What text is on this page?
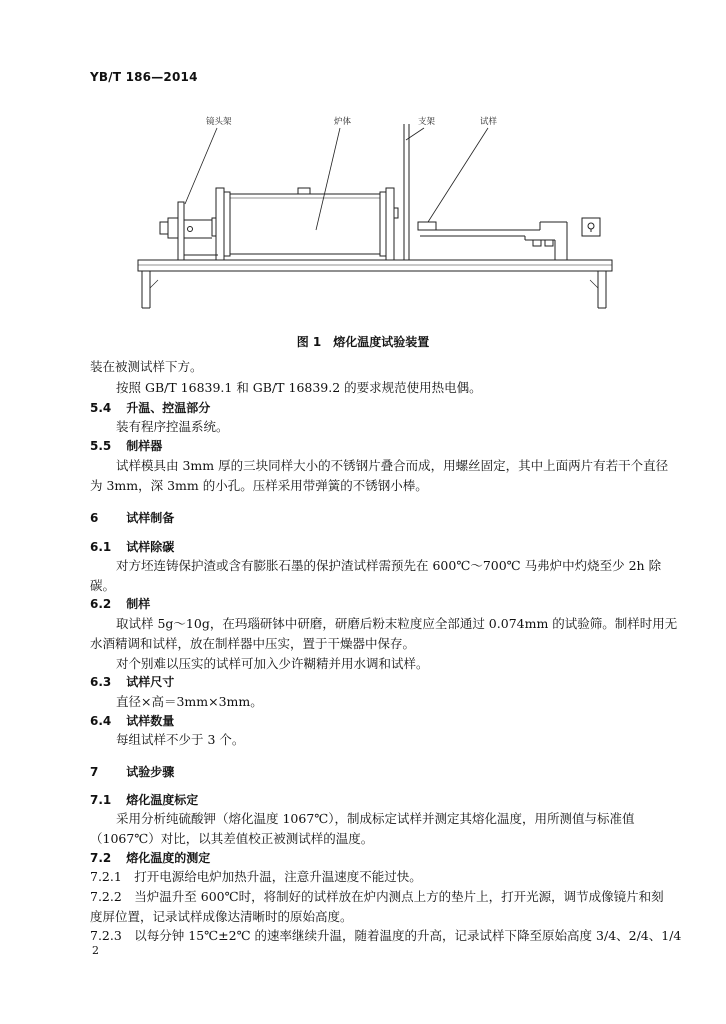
YB/T 186—2014
镜头架	炉体	支架	试样
图 1　熔化温度试验装置
装在被测试样下方。
按照 GB/T 16839.1 和 GB/T 16839.2 的要求规范使用热电偶。
5.4 升温、控温部分
装有程序控温系统。
5.5 制样器
试样模具由 3mm 厚的三块同样大小的不锈钢片叠合而成，用螺丝固定，其中上面两片有若干个直径
为 3mm，深 3mm 的小孔。压样采用带弹簧的不锈钢小棒。
6 试样制备
6.1 试样除碳
对方坯连铸保护渣或含有膨胀石墨的保护渣试样需预先在 600℃～700℃ 马弗炉中灼烧至少 2h 除
碳。
6.2 制样
取试样 5g～10g，在玛瑙研钵中研磨，研磨后粉末粒度应全部通过 0.074mm 的试验筛。制样时用无
水酒精调和试样，放在制样器中压实，置于干燥器中保存。
对个别难以压实的试样可加入少许糊精并用水调和试样。
6.3 试样尺寸
直径×高＝3mm×3mm。
6.4 试样数量
每组试样不少于 3 个。
7 试验步骤
7.1 熔化温度标定
采用分析纯硫酸钾（熔化温度 1067℃），制成标定试样并测定其熔化温度，用所测值与标准值
（1067℃）对比，以其差值校正被测试样的温度。
7.2 熔化温度的测定
7.2.1　打开电源给电炉加热升温，注意升温速度不能过快。
7.2.2　当炉温升至 600℃时，将制好的试样放在炉内测点上方的垫片上，打开光源，调节成像镜片和刻
度屏位置，记录试样成像达清晰时的原始高度。
7.2.3　以每分钟 15℃±2℃ 的速率继续升温，随着温度的升高，记录试样下降至原始高度 3/4、2/4、1/4
2
